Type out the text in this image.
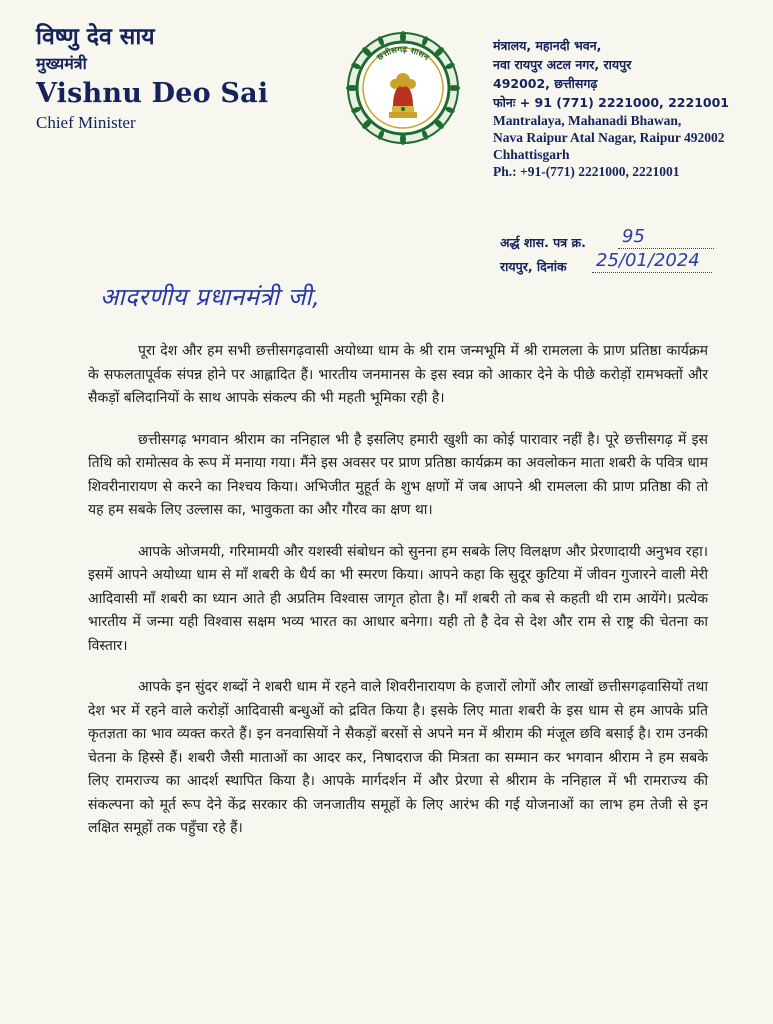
विष्णु देव साय
मुख्यमंत्री
Vishnu Deo Sai
Chief Minister
छत्तीसगढ़ शासन
मंत्रालय, महानदी भवन,
नवा रायपुर अटल नगर, रायपुर
492002, छत्तीसगढ़
फोनः + 91 (771) 2221000, 2221001
Mantralaya, Mahanadi Bhawan,
Nava Raipur Atal Nagar, Raipur 492002
Chhattisgarh
Ph.: +91-(771) 2221000, 2221001
अर्द्ध शास. पत्र क्र. 95
रायपुर, दिनांक 25/01/2024
आदरणीय प्रधानमंत्री जी,

पूरा देश और हम सभी छत्तीसगढ़वासी अयोध्या धाम के श्री राम जन्मभूमि में श्री रामलला के प्राण प्रतिष्ठा कार्यक्रम के सफलतापूर्वक संपन्न होने पर आह्लादित हैं। भारतीय जनमानस के इस स्वप्न को आकार देने के पीछे करोड़ों रामभक्तों और सैकड़ों बलिदानियों के साथ आपके संकल्प की भी महती भूमिका रही है।

छत्तीसगढ़ भगवान श्रीराम का ननिहाल भी है इसलिए हमारी खुशी का कोई पारावार नहीं है। पूरे छत्तीसगढ़ में इस तिथि को रामोत्सव के रूप में मनाया गया। मैंने इस अवसर पर प्राण प्रतिष्ठा कार्यक्रम का अवलोकन माता शबरी के पवित्र धाम शिवरीनारायण से करने का निश्चय किया। अभिजीत मुहूर्त के शुभ क्षणों में जब आपने श्री रामलला की प्राण प्रतिष्ठा की तो यह हम सबके लिए उल्लास का, भावुकता का और गौरव का क्षण था।

आपके ओजमयी, गरिमामयी और यशस्वी संबोधन को सुनना हम सबके लिए विलक्षण और प्रेरणादायी अनुभव रहा। इसमें आपने अयोध्या धाम से माँ शबरी के धैर्य का भी स्मरण किया। आपने कहा कि सुदूर कुटिया में जीवन गुजारने वाली मेरी आदिवासी माँ शबरी का ध्यान आते ही अप्रतिम विश्वास जागृत होता है। माँ शबरी तो कब से कहती थी राम आयेंगे। प्रत्येक भारतीय में जन्मा यही विश्वास सक्षम भव्य भारत का आधार बनेगा। यही तो है देव से देश और राम से राष्ट्र की चेतना का विस्तार।

आपके इन सुंदर शब्दों ने शबरी धाम में रहने वाले शिवरीनारायण के हजारों लोगों और लाखों छत्तीसगढ़वासियों तथा देश भर में रहने वाले करोड़ों आदिवासी बन्धुओं को द्रवित किया है। इसके लिए माता शबरी के इस धाम से हम आपके प्रति कृतज्ञता का भाव व्यक्त करते हैं। इन वनवासियों ने सैकड़ों बरसों से अपने मन में श्रीराम की मंजूल छवि बसाई है। राम उनकी चेतना के हिस्से हैं। शबरी जैसी माताओं का आदर कर, निषादराज की मित्रता का सम्मान कर भगवान श्रीराम ने हम सबके लिए रामराज्य का आदर्श स्थापित किया है। आपके मार्गदर्शन में और प्रेरणा से श्रीराम के ननिहाल में भी रामराज्य की संकल्पना को मूर्त रूप देने केंद्र सरकार की जनजातीय समूहों के लिए आरंभ की गई योजनाओं का लाभ हम तेजी से इन लक्षित समूहों तक पहुँचा रहे हैं।
